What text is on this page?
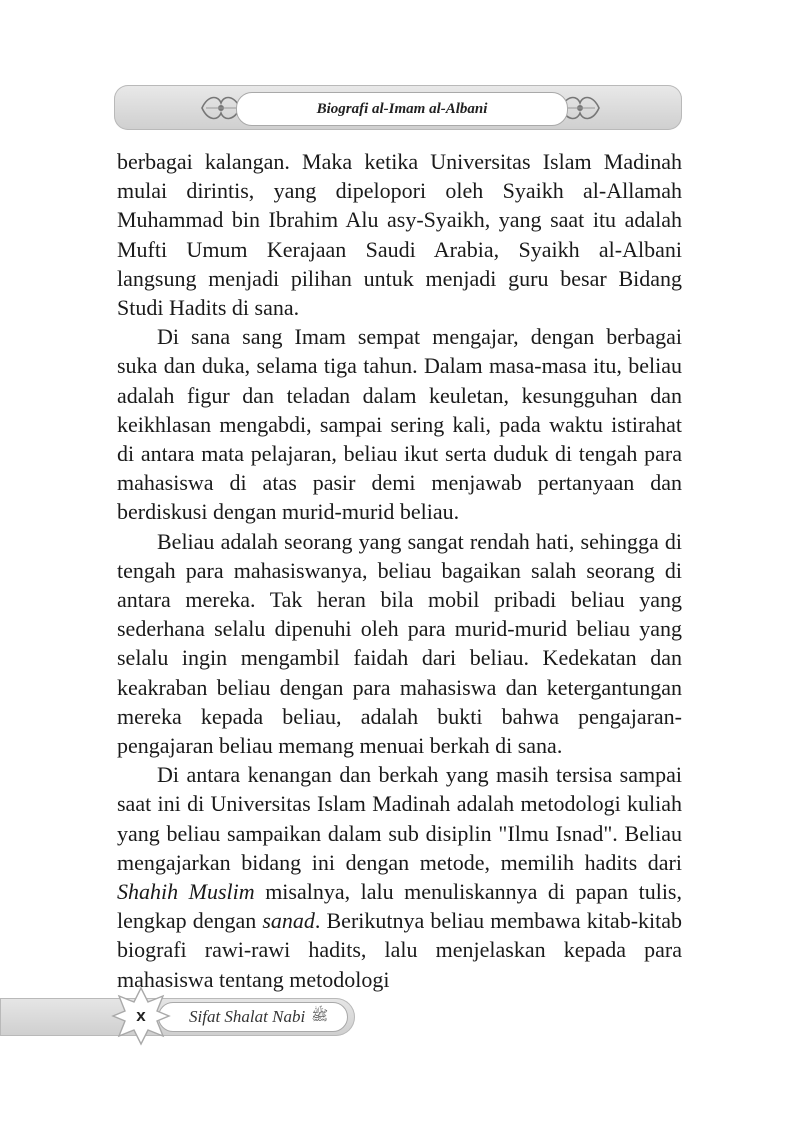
Biografi al-Imam al-Albani

berbagai kalangan. Maka ketika Universitas Islam Madinah mulai dirintis, yang dipelopori oleh Syaikh al-Allamah Muhammad bin Ibrahim Alu asy-Syaikh, yang saat itu adalah Mufti Umum Kerajaan Saudi Arabia, Syaikh al-Albani langsung menjadi pilihan untuk menjadi guru besar Bidang Studi Hadits di sana.

Di sana sang Imam sempat mengajar, dengan berbagai suka dan duka, selama tiga tahun. Dalam masa-masa itu, beliau adalah figur dan teladan dalam keuletan, kesungguhan dan keikhlasan mengabdi, sampai sering kali, pada waktu istirahat di antara mata pelajaran, beliau ikut serta duduk di tengah para mahasiswa di atas pasir demi menjawab pertanyaan dan berdiskusi dengan murid-murid beliau.

Beliau adalah seorang yang sangat rendah hati, sehingga di tengah para mahasiswanya, beliau bagaikan salah seorang di antara mereka. Tak heran bila mobil pribadi beliau yang sederhana selalu dipenuhi oleh para murid-murid beliau yang selalu ingin mengambil faidah dari beliau. Kedekatan dan keakraban beliau dengan para mahasiswa dan ketergantungan mereka kepada beliau, adalah bukti bahwa pengajaran-pengajaran beliau memang menuai berkah di sana.

Di antara kenangan dan berkah yang masih tersisa sampai saat ini di Universitas Islam Madinah adalah metodologi kuliah yang beliau sampaikan dalam sub disiplin "Ilmu Isnad". Beliau mengajarkan bidang ini dengan metode, memilih hadits dari Shahih Muslim misalnya, lalu menuliskannya di papan tulis, lengkap dengan sanad. Berikutnya beliau membawa kitab-kitab biografi rawi-rawi hadits, lalu menjelaskan kepada para mahasiswa tentang metodologi

Sifat Shalat Nabi ﷺ
x
